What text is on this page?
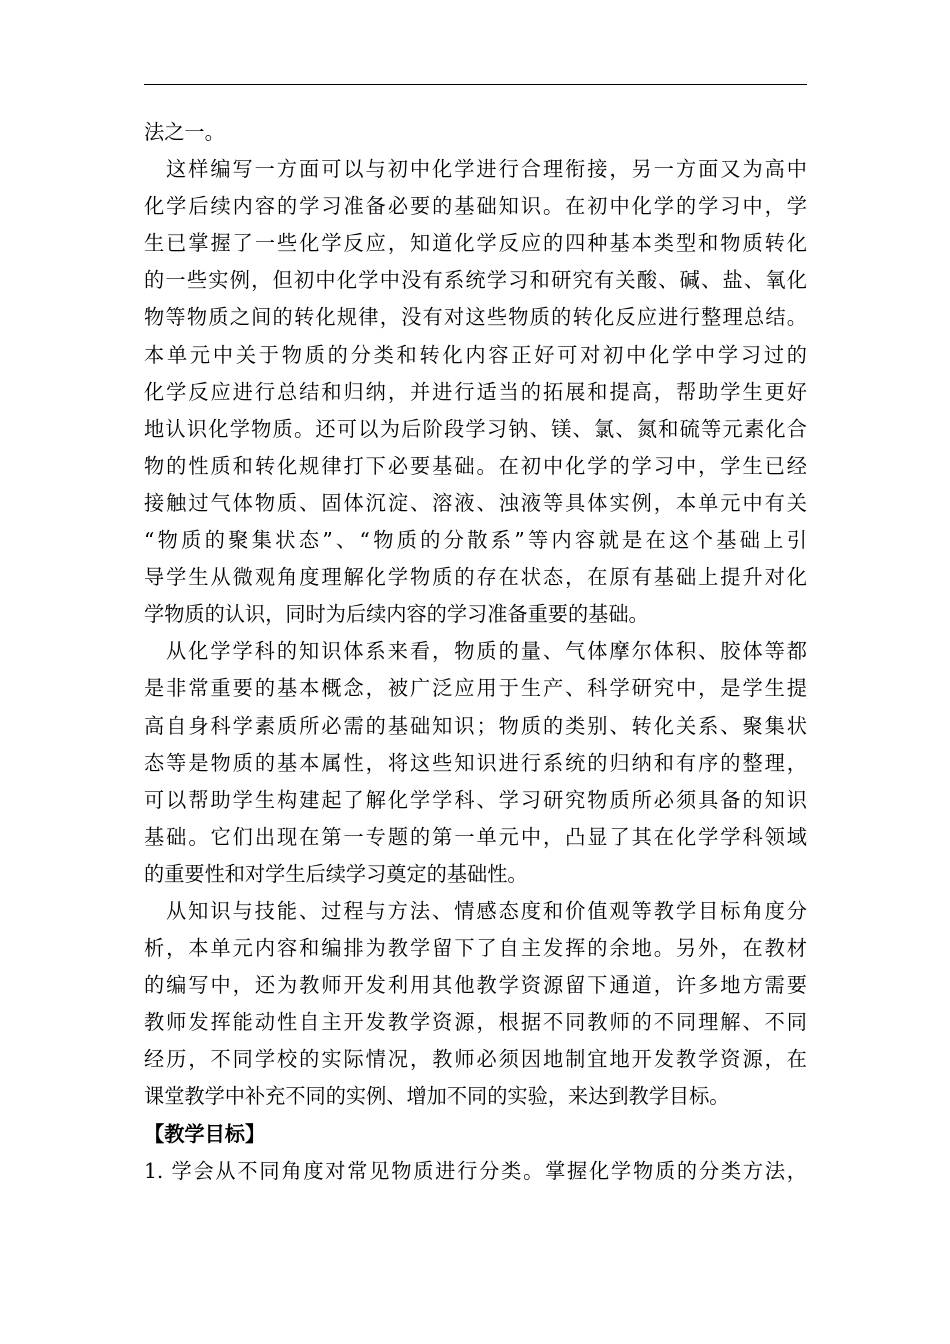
法之一。
这样编写一方面可以与初中化学进行合理衔接，另一方面又为高中
化学后续内容的学习准备必要的基础知识。在初中化学的学习中，学
生已掌握了一些化学反应，知道化学反应的四种基本类型和物质转化
的一些实例，但初中化学中没有系统学习和研究有关酸、碱、盐、氧化
物等物质之间的转化规律，没有对这些物质的转化反应进行整理总结。
本单元中关于物质的分类和转化内容正好可对初中化学中学习过的
化学反应进行总结和归纳，并进行适当的拓展和提高，帮助学生更好
地认识化学物质。还可以为后阶段学习钠、镁、氯、氮和硫等元素化合
物的性质和转化规律打下必要基础。在初中化学的学习中，学生已经
接触过气体物质、固体沉淀、溶液、浊液等具体实例，本单元中有关
“物质的聚集状态”、“物质的分散系”等内容就是在这个基础上引
导学生从微观角度理解化学物质的存在状态，在原有基础上提升对化
学物质的认识，同时为后续内容的学习准备重要的基础。
从化学学科的知识体系来看，物质的量、气体摩尔体积、胶体等都
是非常重要的基本概念，被广泛应用于生产、科学研究中，是学生提
高自身科学素质所必需的基础知识；物质的类别、转化关系、聚集状
态等是物质的基本属性，将这些知识进行系统的归纳和有序的整理，
可以帮助学生构建起了解化学学科、学习研究物质所必须具备的知识
基础。它们出现在第一专题的第一单元中，凸显了其在化学学科领域
的重要性和对学生后续学习奠定的基础性。
从知识与技能、过程与方法、情感态度和价值观等教学目标角度分
析，本单元内容和编排为教学留下了自主发挥的余地。另外，在教材
的编写中，还为教师开发利用其他教学资源留下通道，许多地方需要
教师发挥能动性自主开发教学资源，根据不同教师的不同理解、不同
经历，不同学校的实际情况，教师必须因地制宜地开发教学资源，在
课堂教学中补充不同的实例、增加不同的实验，来达到教学目标。
【教学目标】
1. 学会从不同角度对常见物质进行分类。掌握化学物质的分类方法，
